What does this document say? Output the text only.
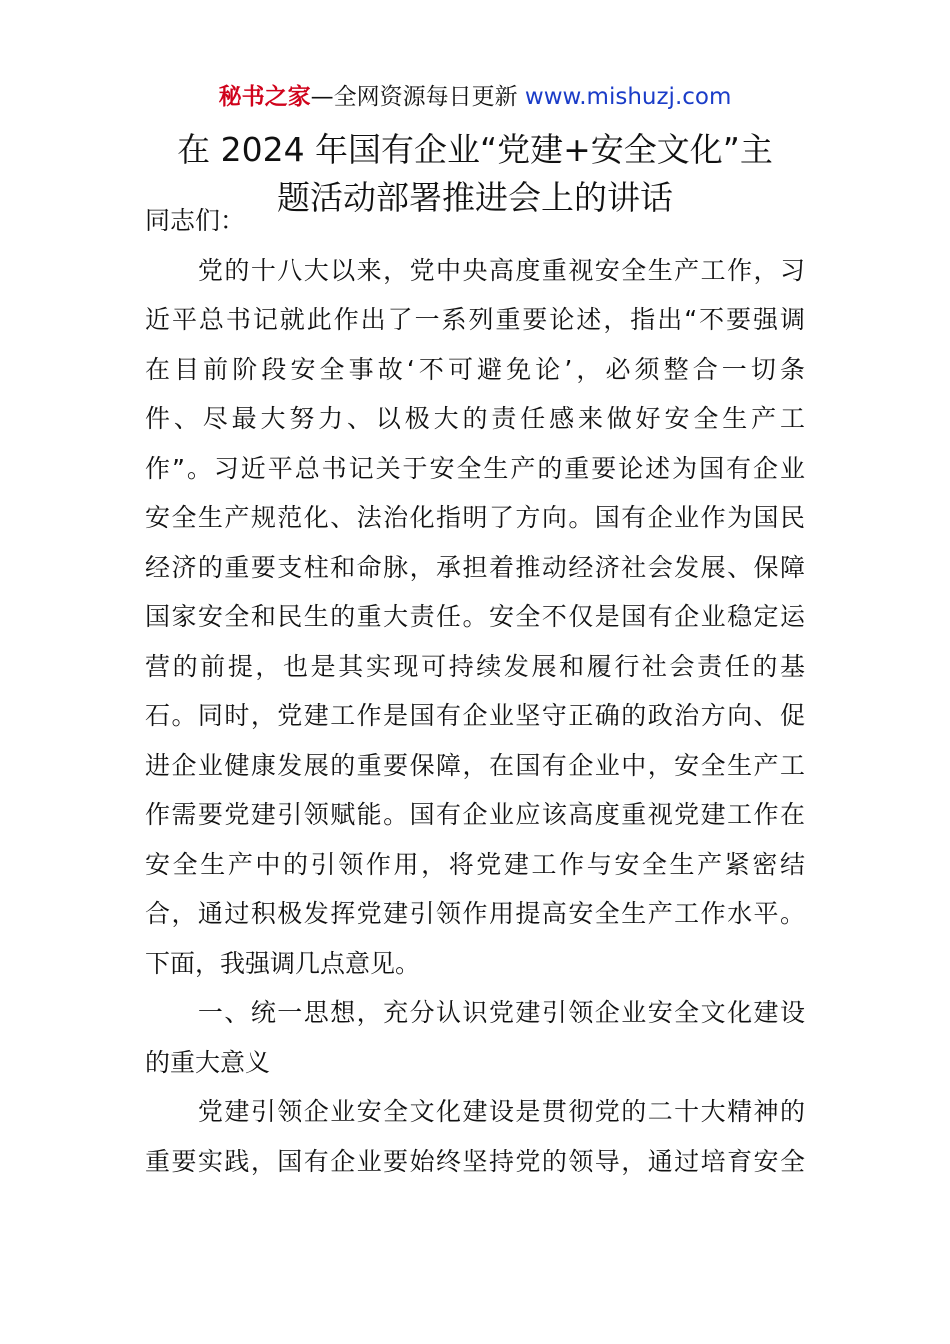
秘书之家—全网资源每日更新 www.mishuzj.com
在 2024 年国有企业“党建+安全文化”主
题活动部署推进会上的讲话
同志们：
　　党的十八大以来，党中央高度重视安全生产工作，习
近平总书记就此作出了一系列重要论述，指出“不要强调
在目前阶段安全事故‘不可避免论’，必须整合一切条
件、尽最大努力、以极大的责任感来做好安全生产工
作”。习近平总书记关于安全生产的重要论述为国有企业
安全生产规范化、法治化指明了方向。国有企业作为国民
经济的重要支柱和命脉，承担着推动经济社会发展、保障
国家安全和民生的重大责任。安全不仅是国有企业稳定运
营的前提，也是其实现可持续发展和履行社会责任的基
石。同时，党建工作是国有企业坚守正确的政治方向、促
进企业健康发展的重要保障，在国有企业中，安全生产工
作需要党建引领赋能。国有企业应该高度重视党建工作在
安全生产中的引领作用，将党建工作与安全生产紧密结
合，通过积极发挥党建引领作用提高安全生产工作水平。
下面，我强调几点意见。
　　一、统一思想，充分认识党建引领企业安全文化建设
的重大意义
　　党建引领企业安全文化建设是贯彻党的二十大精神的
重要实践，国有企业要始终坚持党的领导，通过培育安全
